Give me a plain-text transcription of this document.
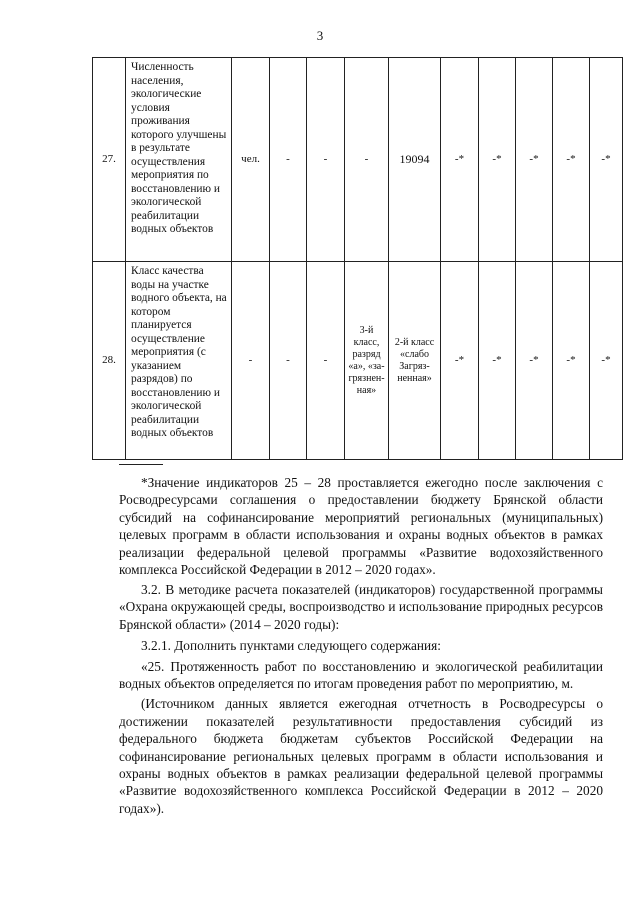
3
27.	Численность населения, экологические условия проживания которого улучшены в результате осуществления мероприятия по восстановлению и экологической реабилитации водных объектов	чел.	-	-	-	19094	-*	-*	-*	-*	-*
28.	Класс качества воды на участке водного объекта, на котором планируется осуществление мероприятия (с указанием разрядов) по восстановлению и экологической реабилитации водных объектов	-	-	-	3-й класс, разряд «а», «за- грязнен- ная»	2-й класс «слабо Загряз- ненная»	-*	-*	-*	-*	-*

*Значение индикаторов 25 – 28 проставляется ежегодно после заключения с Росводресурсами соглашения о предоставлении бюджету Брянской области субсидий на софинансирование мероприятий региональных (муниципальных) целевых программ в области использования и охраны водных объектов в рамках реализации федеральной целевой программы «Развитие водохозяйственного комплекса Российской Федерации в 2012 – 2020 годах».

3.2. В методике расчета показателей (индикаторов) государственной программы «Охрана окружающей среды, воспроизводство и использование природных ресурсов Брянской области» (2014 – 2020 годы):

3.2.1. Дополнить пунктами следующего содержания:

«25. Протяженность работ по восстановлению и экологической реабилитации водных объектов определяется по итогам проведения работ по мероприятию, м.

(Источником данных является ежегодная отчетность в Росводресурсы о достижении показателей результативности предоставления субсидий из федерального бюджета бюджетам субъектов Российской Федерации на софинансирование региональных целевых программ в области использования и охраны водных объектов в рамках реализации федеральной целевой программы «Развитие водохозяйственного комплекса Российской Федерации в 2012 – 2020 годах»).
